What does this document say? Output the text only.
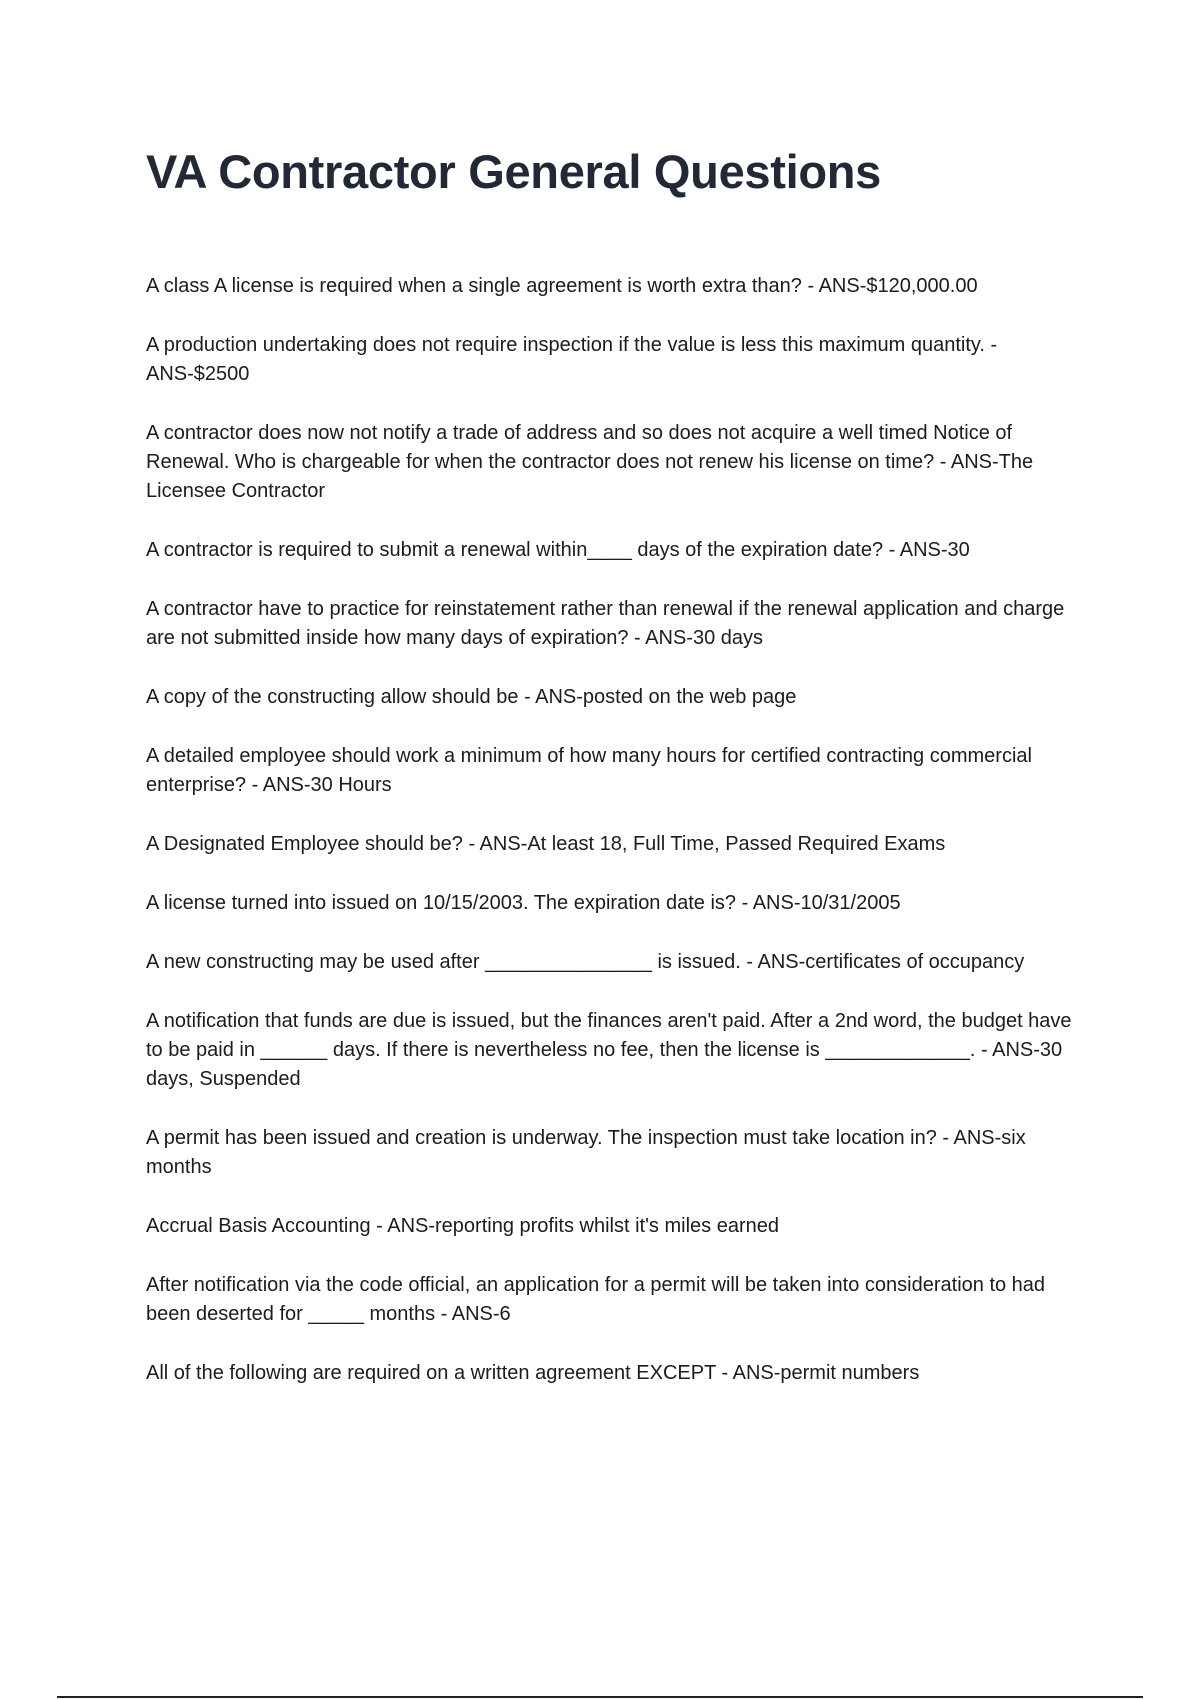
VA Contractor General Questions
A class A license is required when a single agreement is worth extra than? - ANS-$120,000.00
A production undertaking does not require inspection if the value is less this maximum quantity. - ANS-$2500
A contractor does now not notify a trade of address and so does not acquire a well timed Notice of Renewal. Who is chargeable for when the contractor does not renew his license on time? - ANS-The Licensee Contractor
A contractor is required to submit a renewal within____ days of the expiration date? - ANS-30
A contractor have to practice for reinstatement rather than renewal if the renewal application and charge are not submitted inside how many days of expiration? - ANS-30 days
A copy of the constructing allow should be - ANS-posted on the web page
A detailed employee should work a minimum of how many hours for certified contracting commercial enterprise? - ANS-30 Hours
A Designated Employee should be? - ANS-At least 18, Full Time, Passed Required Exams
A license turned into issued on 10/15/2003. The expiration date is? - ANS-10/31/2005
A new constructing may be used after _______________ is issued. - ANS-certificates of occupancy
A notification that funds are due is issued, but the finances aren't paid. After a 2nd word, the budget have to be paid in ______ days. If there is nevertheless no fee, then the license is _____________. - ANS-30 days, Suspended
A permit has been issued and creation is underway. The inspection must take location in? - ANS-six months
Accrual Basis Accounting - ANS-reporting profits whilst it's miles earned
After notification via the code official, an application for a permit will be taken into consideration to had been deserted for _____ months - ANS-6
All of the following are required on a written agreement EXCEPT - ANS-permit numbers
